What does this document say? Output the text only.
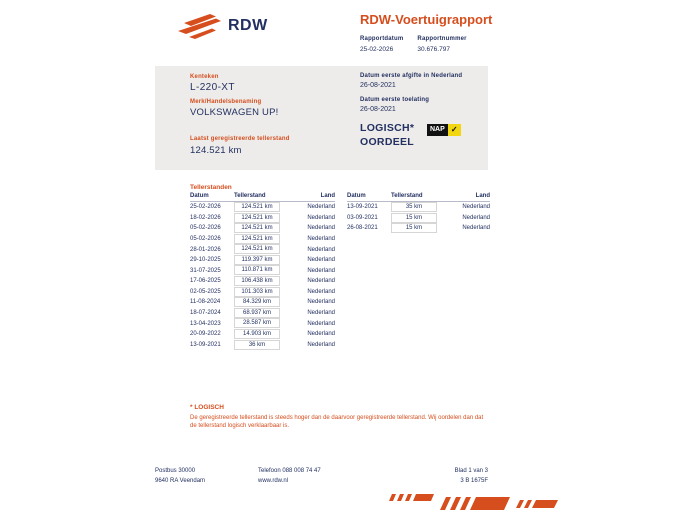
RDW	RDW-Voertuigrapport
Rapportdatum
25-02-2026
Rapportnummer
30.676.797
Kenteken
L-220-XT
Merk/Handelsbenaming
VOLKSWAGEN UP!
Laatst geregistreerde tellerstand
124.521 km
Datum eerste afgifte in Nederland
26-08-2021
Datum eerste toelating
26-08-2021
LOGISCH*
OORDEEL
NAP ✓
Tellerstanden
Datum	Tellerstand	Land
25-02-2026	124.521 km	Nederland
18-02-2026	124.521 km	Nederland
05-02-2026	124.521 km	Nederland
05-02-2026	124.521 km	Nederland
28-01-2026	124.521 km	Nederland
29-10-2025	119.397 km	Nederland
31-07-2025	110.871 km	Nederland
17-06-2025	106.438 km	Nederland
02-05-2025	101.303 km	Nederland
11-08-2024	84.329 km	Nederland
18-07-2024	68.937 km	Nederland
13-04-2023	28.587 km	Nederland
20-09-2022	14.903 km	Nederland
13-09-2021	36 km	Nederland
Datum	Tellerstand	Land
13-09-2021	35 km	Nederland
03-09-2021	15 km	Nederland
26-08-2021	15 km	Nederland
* LOGISCH
De geregistreerde tellerstand is steeds hoger dan de daarvoor geregistreerde tellerstand. Wij oordelen dan dat de tellerstand logisch verklaarbaar is.
Postbus 30000
9640 RA Veendam
Telefoon 088 008 74 47
www.rdw.nl
Blad 1 van 3
3 B 1675F
